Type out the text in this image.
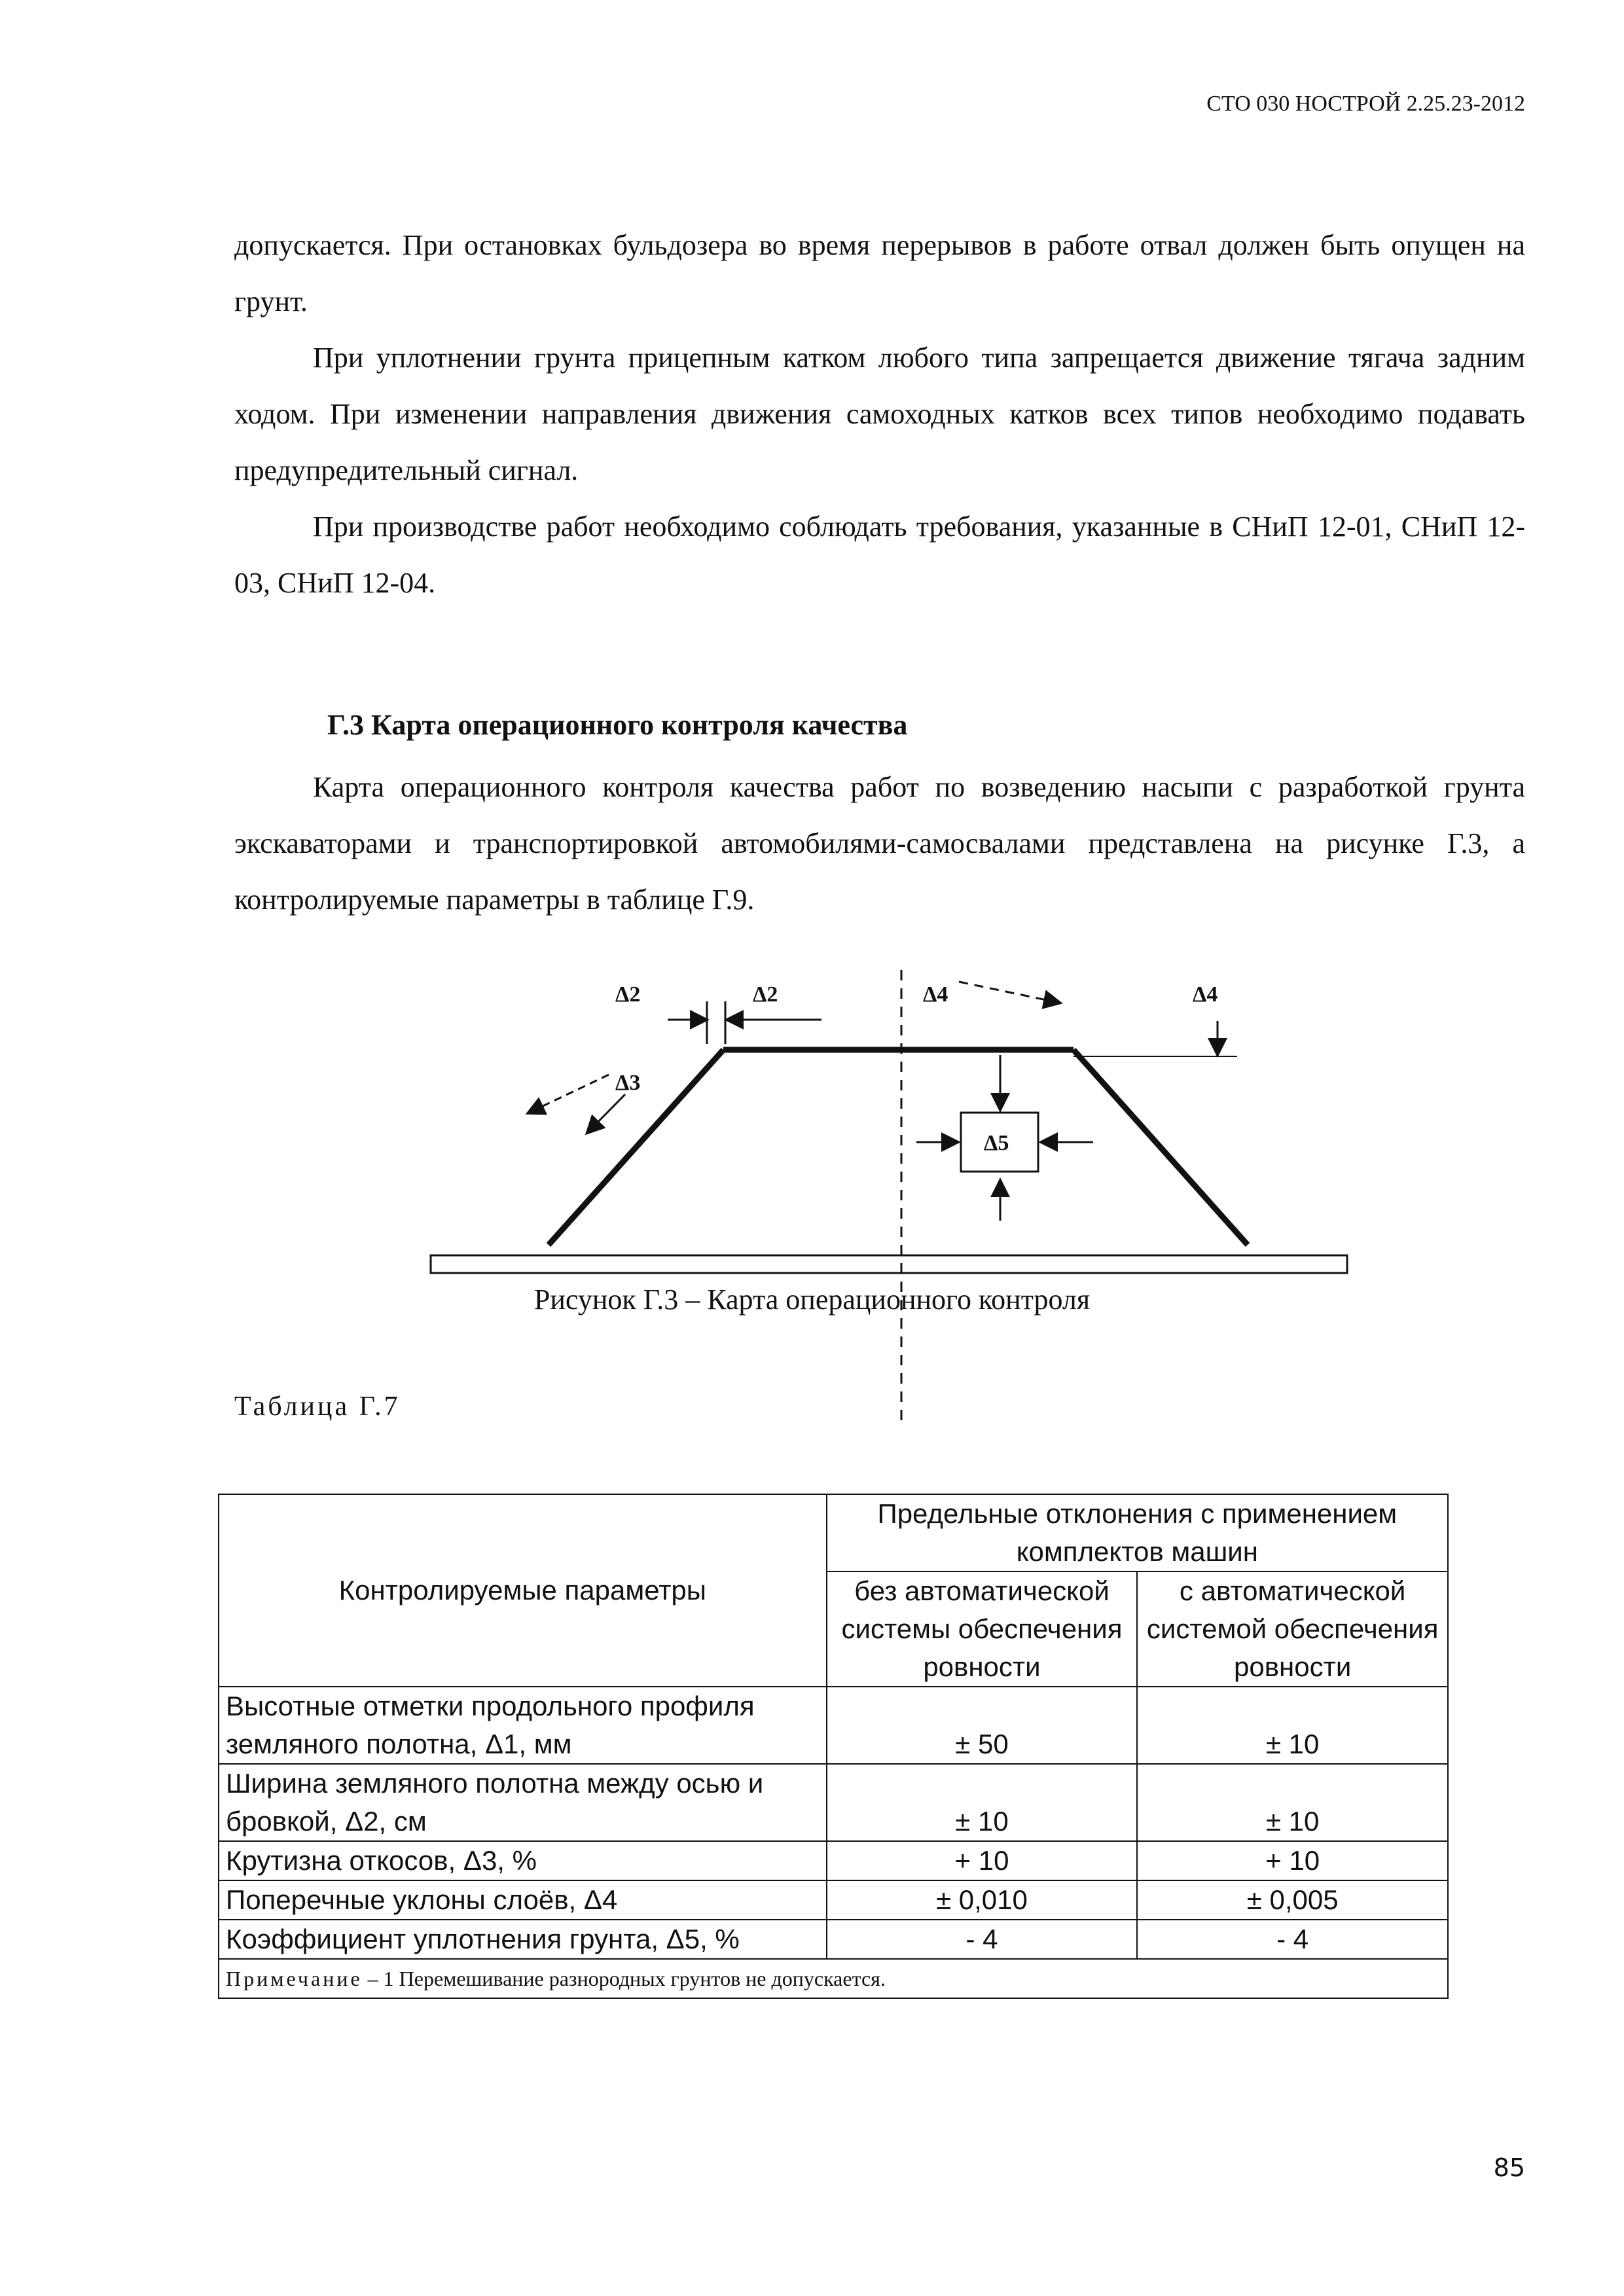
СТО 030 НОСТРОЙ 2.25.23-2012

допускается. При остановках бульдозера во время перерывов в работе отвал должен быть опущен на грунт.

При уплотнении грунта прицепным катком любого типа запрещается движение тягача задним ходом. При изменении направления движения самоходных катков всех типов необходимо подавать предупредительный сигнал.

При производстве работ необходимо соблюдать требования, указанные в СНиП 12-01, СНиП 12-03, СНиП 12-04.

Г.3 Карта операционного контроля качества

Карта операционного контроля качества работ по возведению насыпи с разработкой грунта экскаваторами и транспортировкой автомобилями-самосвалами представлена на рисунке Г.3, а контролируемые параметры в таблице Г.9.

Δ2	Δ2
Δ3
Δ4	Δ4
Δ5
Рисунок Г.3 – Карта операционного контроля
Таблица Г.7
Контролируемые параметры	Предельные отклонения с применением комплектов машин	
	без автоматической системы обеспечения ровности	с автоматической системой обеспечения ровности
Высотные отметки продольного профиля земляного полотна, Δ1, мм	± 50	± 10
Ширина земляного полотна между осью и бровкой, Δ2, см	± 10	± 10
Крутизна откосов, Δ3, %	+ 10	+ 10
Поперечные уклоны слоёв, Δ4	± 0,010	± 0,005
Коэффициент уплотнения грунта, Δ5, %	- 4	- 4
Примечание – 1 Перемешивание разнородных грунтов не допускается.		
85
